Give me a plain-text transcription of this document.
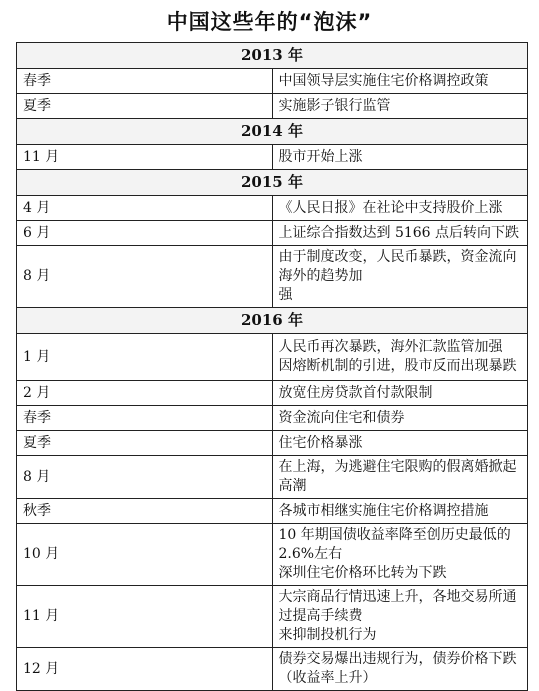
中国这些年的“泡沫”
2013 年	
春季	中国领导层实施住宅价格调控政策

夏季	实施影子银行监管

2014 年	
11 月	股市开始上涨

2015 年	
4 月	《人民日报》在社论中支持股价上涨

6 月	上证综合指数达到 5166 点后转向下跌

8 月	由于制度改变，人民币暴跌，资金流向海外的趋势加
强

2016 年	
1 月	人民币再次暴跌，海外汇款监管加强
因熔断机制的引进，股市反而出现暴跌

2 月	放宽住房贷款首付款限制

春季	资金流向住宅和债券

夏季	住宅价格暴涨

8 月	在上海，为逃避住宅限购的假离婚掀起高潮

秋季	各城市相继实施住宅价格调控措施

10 月	10 年期国债收益率降至创历史最低的 2.6%左右
深圳住宅价格环比转为下跌

11 月	大宗商品行情迅速上升，各地交易所通过提高手续费
来抑制投机行为

12 月	债券交易爆出违规行为，债券价格下跌（收益率上升）
